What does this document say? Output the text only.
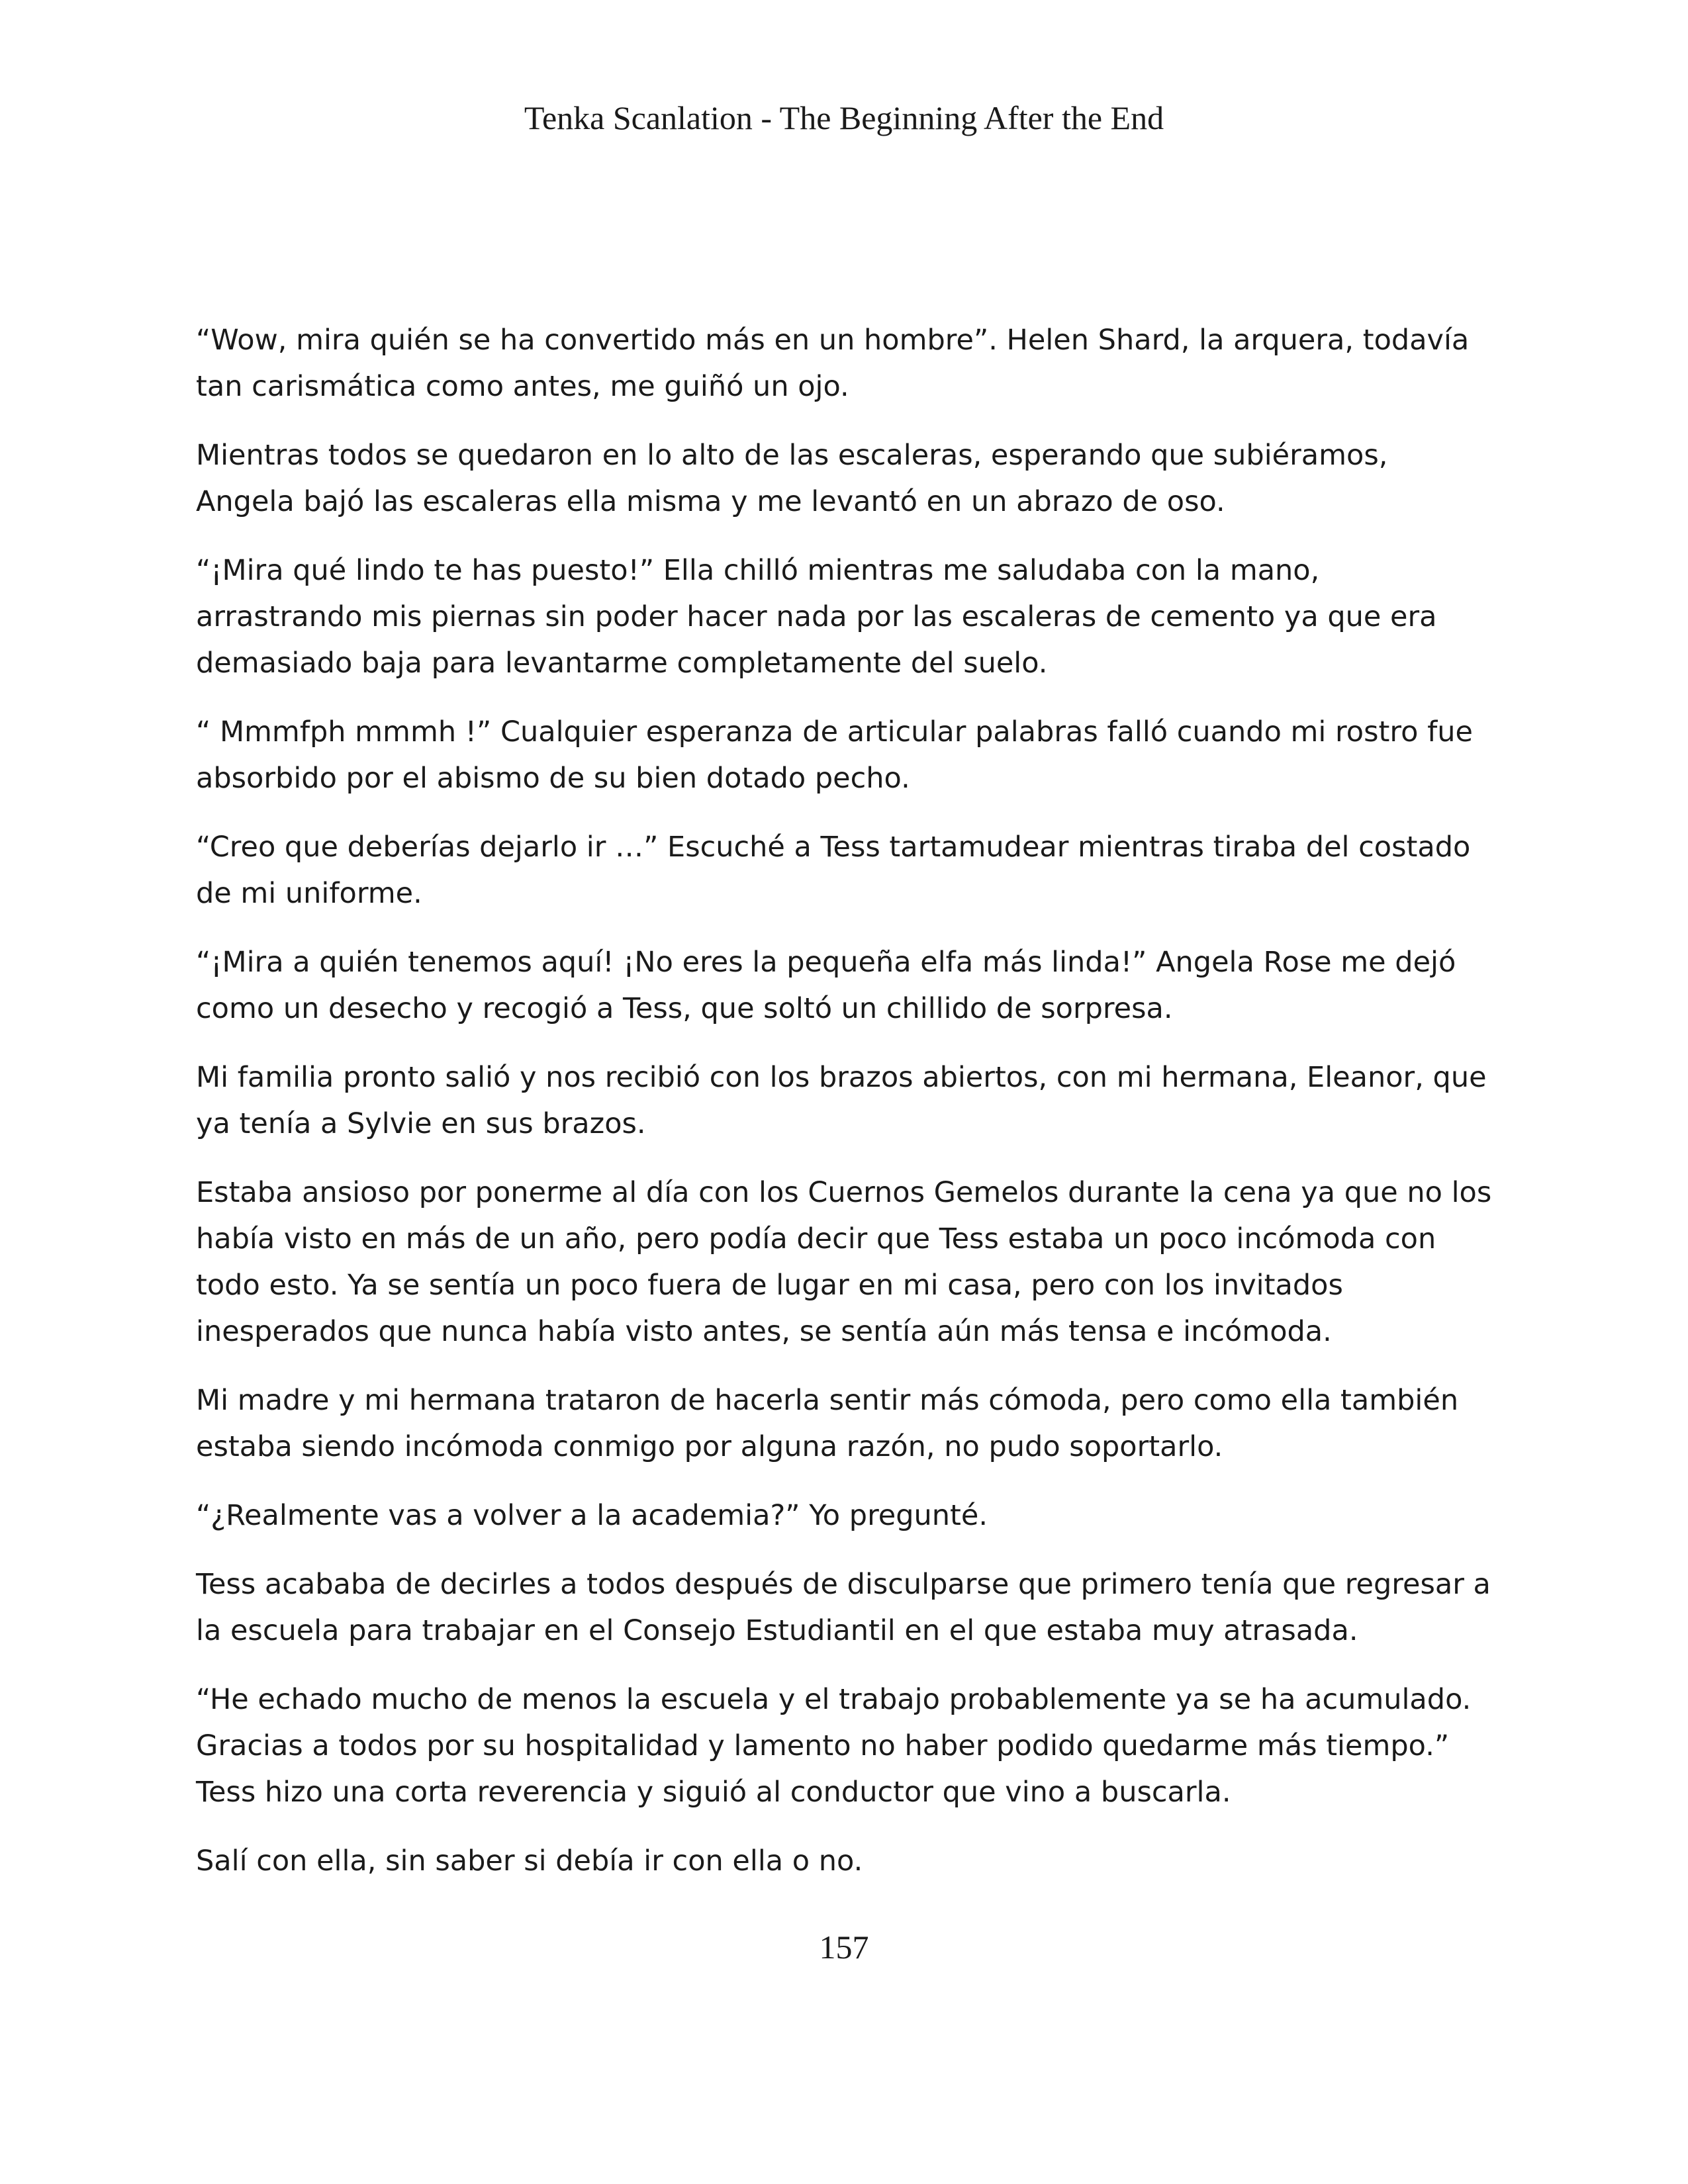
Tenka Scanlation - The Beginning After the End

“Wow, mira quién se ha convertido más en un hombre”. Helen Shard, la arquera, todavía tan carismática como antes, me guiñó un ojo.

Mientras todos se quedaron en lo alto de las escaleras, esperando que subiéramos, Angela bajó las escaleras ella misma y me levantó en un abrazo de oso.

“¡Mira qué lindo te has puesto!” Ella chilló mientras me saludaba con la mano, arrastrando mis piernas sin poder hacer nada por las escaleras de cemento ya que era demasiado baja para levantarme completamente del suelo.

“ Mmmfph mmmh !” Cualquier esperanza de articular palabras falló cuando mi rostro fue absorbido por el abismo de su bien dotado pecho.

“Creo que deberías dejarlo ir …” Escuché a Tess tartamudear mientras tiraba del costado de mi uniforme.

“¡Mira a quién tenemos aquí! ¡No eres la pequeña elfa más linda!” Angela Rose me dejó como un desecho y recogió a Tess, que soltó un chillido de sorpresa.

Mi familia pronto salió y nos recibió con los brazos abiertos, con mi hermana, Eleanor, que ya tenía a Sylvie en sus brazos.

Estaba ansioso por ponerme al día con los Cuernos Gemelos durante la cena ya que no los había visto en más de un año, pero podía decir que Tess estaba un poco incómoda con todo esto. Ya se sentía un poco fuera de lugar en mi casa, pero con los invitados inesperados que nunca había visto antes, se sentía aún más tensa e incómoda.

Mi madre y mi hermana trataron de hacerla sentir más cómoda, pero como ella también estaba siendo incómoda conmigo por alguna razón, no pudo soportarlo.

“¿Realmente vas a volver a la academia?” Yo pregunté.

Tess acababa de decirles a todos después de disculparse que primero tenía que regresar a la escuela para trabajar en el Consejo Estudiantil en el que estaba muy atrasada.

“He echado mucho de menos la escuela y el trabajo probablemente ya se ha acumulado. Gracias a todos por su hospitalidad y lamento no haber podido quedarme más tiempo.” Tess hizo una corta reverencia y siguió al conductor que vino a buscarla.

Salí con ella, sin saber si debía ir con ella o no.

157
